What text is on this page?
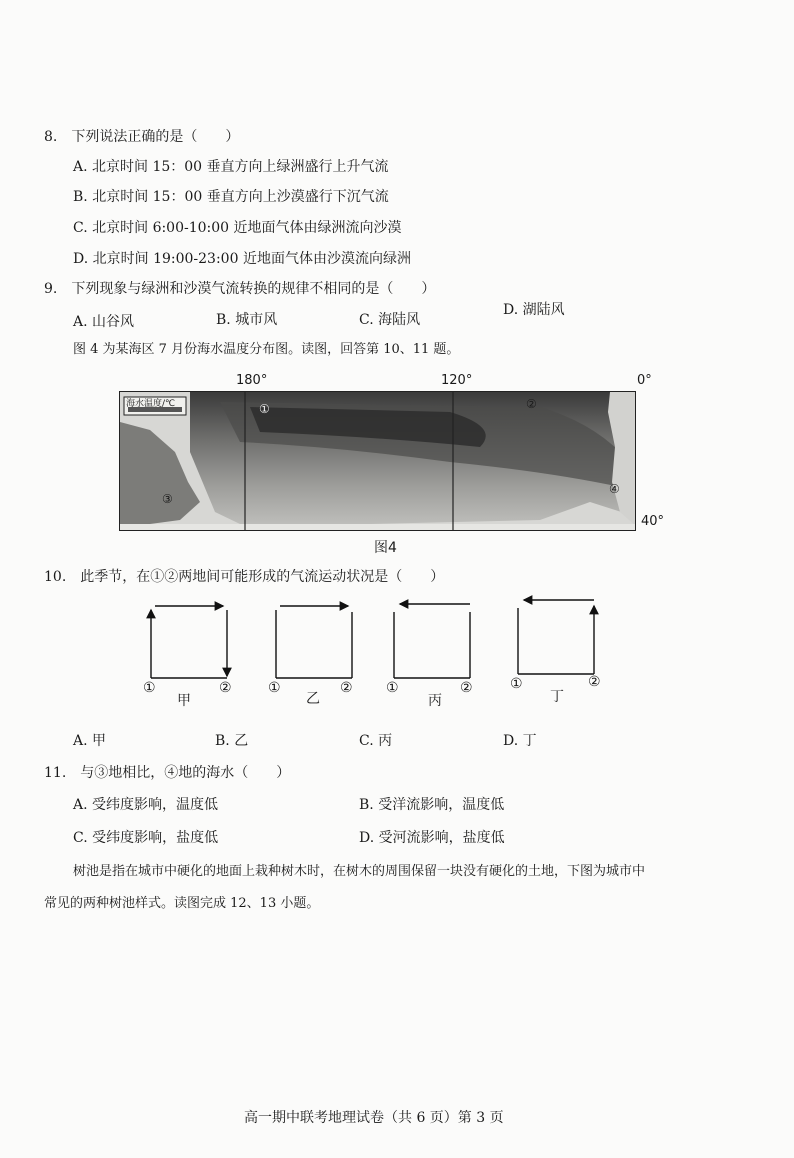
8.　下列说法正确的是（　　）
A. 北京时间 15：00 垂直方向上绿洲盛行上升气流
B. 北京时间 15：00 垂直方向上沙漠盛行下沉气流
C. 北京时间 6:00-10:00 近地面气体由绿洲流向沙漠
D. 北京时间 19:00-23:00 近地面气体由沙漠流向绿洲
9.　下列现象与绿洲和沙漠气流转换的规律不相同的是（　　）
A. 山谷风	B. 城市风	C. 海陆风
D. 湖陆风
图 4 为某海区 7 月份海水温度分布图。读图，回答第 10、11 题。
180°	120°	0°
40°
海水温度/℃	①	②
③
④
图4
10.　此季节，在①②两地间可能形成的气流运动状况是（　　）
①	②
甲
①	②
乙
①	②
丙
①	②
丁
A. 甲	B. 乙	C. 丙	D. 丁
11.　与③地相比，④地的海水（　　）
A. 受纬度影响，温度低	B. 受洋流影响，温度低
C. 受纬度影响，盐度低	D. 受河流影响，盐度低
树池是指在城市中硬化的地面上栽种树木时，在树木的周围保留一块没有硬化的土地，下图为城市中
常见的两种树池样式。读图完成 12、13 小题。
高一期中联考地理试卷（共 6 页）第 3 页
